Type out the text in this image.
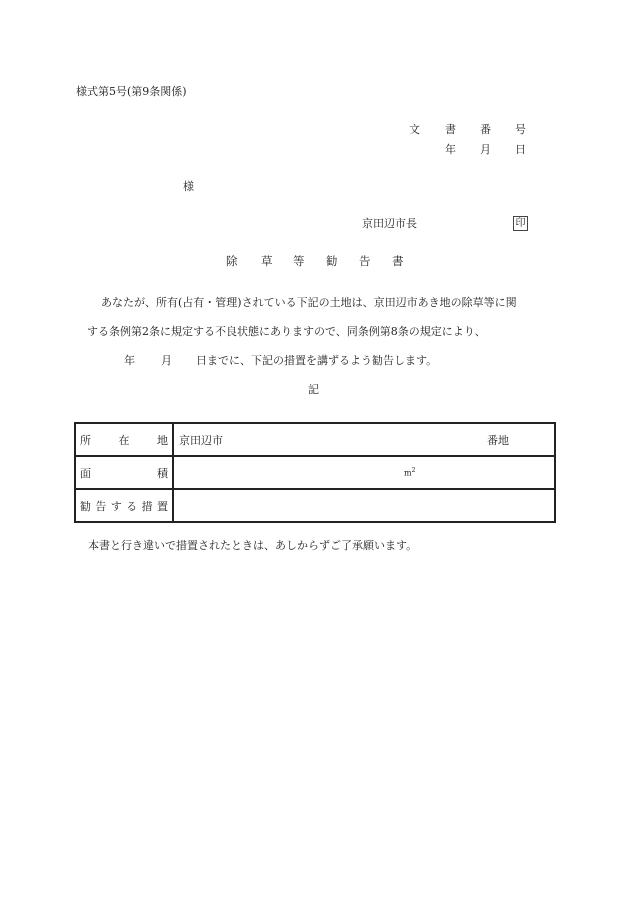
様式第5号(第9条関係)
文 書 番 号
年 月 日
様
京田辺市長	印
除 草 等 勧 告 書
あなたが、所有(占有・管理)されている下記の土地は、京田辺市あき地の除草等に関
する条例第2条に規定する不良状態にありますので、同条例第8条の規定により、
年 月 日までに、下記の措置を講ずるよう勧告します。
記
所 在 地	京田辺市 番地

面 積	$m^2$

勧 告 す る 措 置

本書と行き違いで措置されたときは、あしからずご了承願います。
